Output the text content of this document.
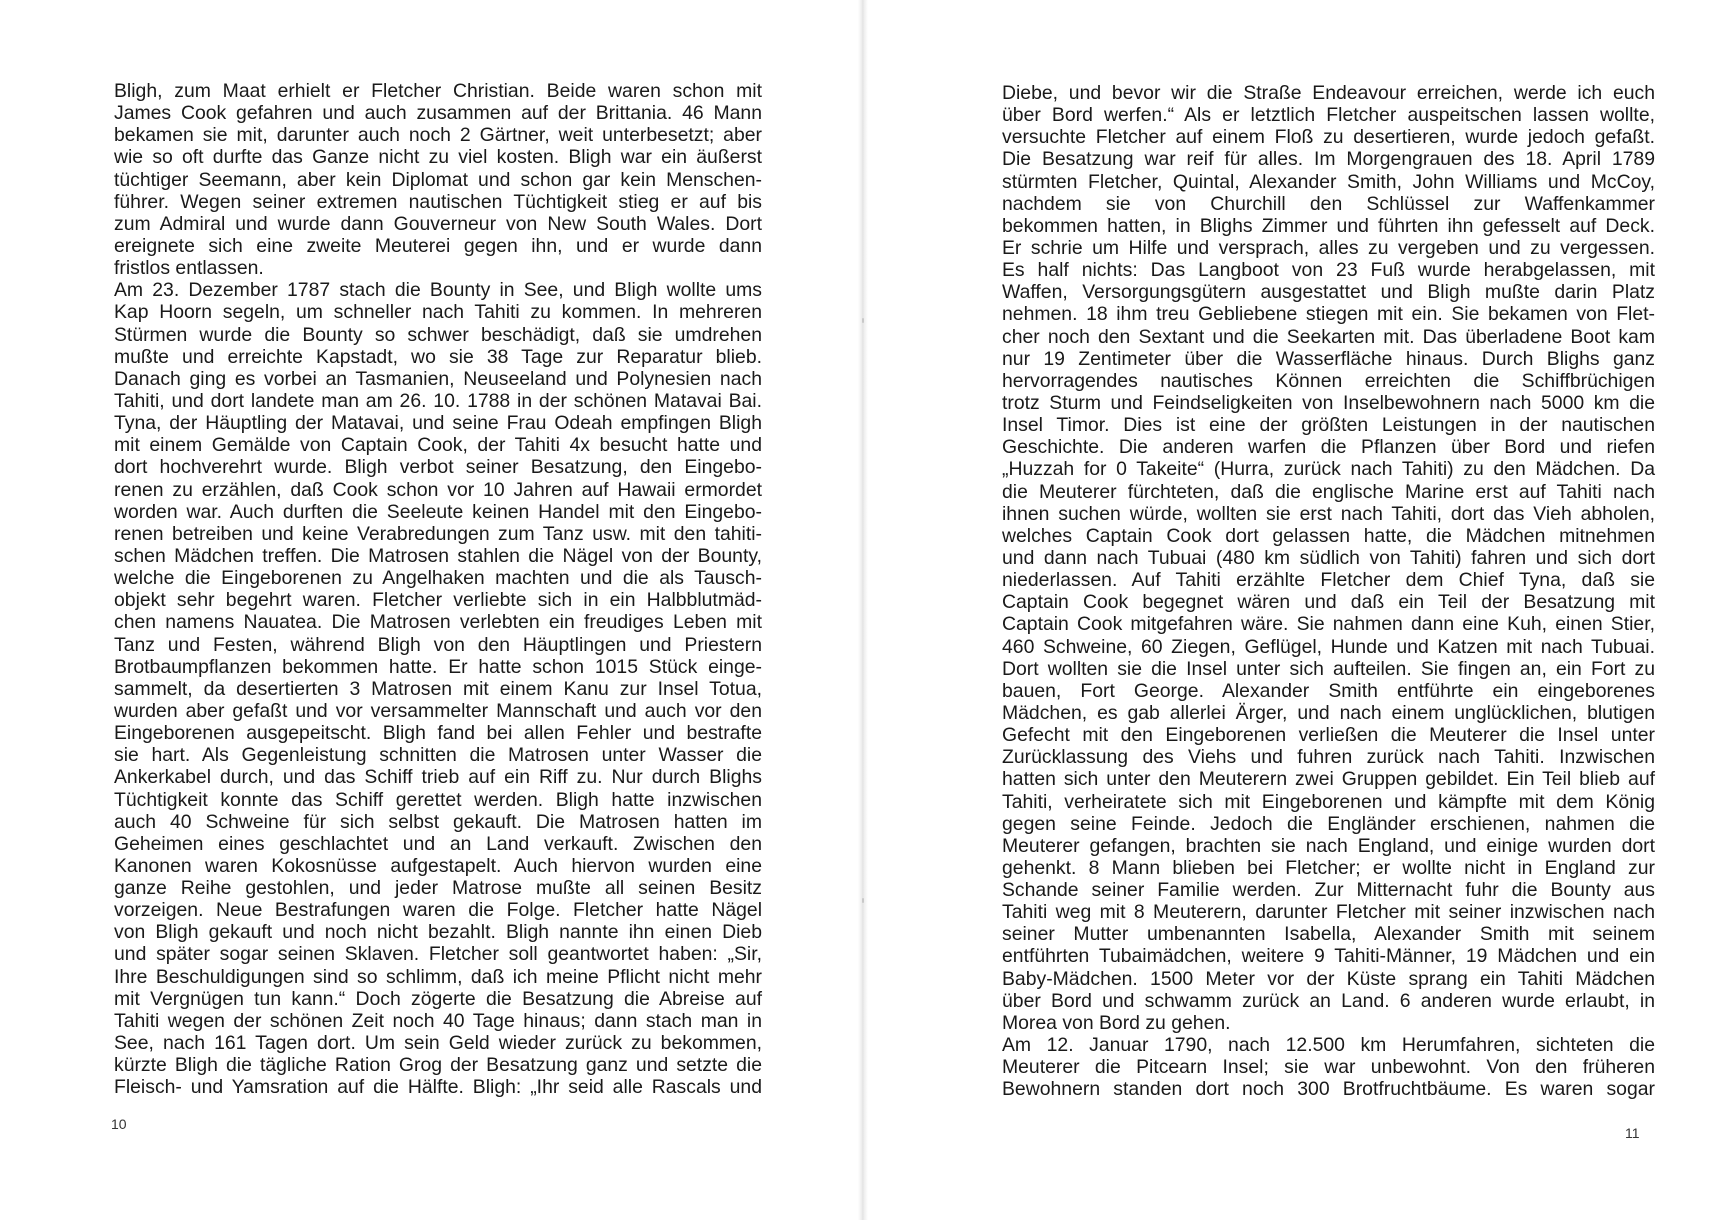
Bligh, zum Maat erhielt er Fletcher Christian. Beide waren schon mit
James Cook gefahren und auch zusammen auf der Brittania. 46 Mann
bekamen sie mit, darunter auch noch 2 Gärtner, weit unterbesetzt; aber
wie so oft durfte das Ganze nicht zu viel kosten. Bligh war ein äußerst
tüchtiger Seemann, aber kein Diplomat und schon gar kein Menschen-
führer. Wegen seiner extremen nautischen Tüchtigkeit stieg er auf bis
zum Admiral und wurde dann Gouverneur von New South Wales. Dort
ereignete sich eine zweite Meuterei gegen ihn, und er wurde dann
fristlos entlassen.
Am 23. Dezember 1787 stach die Bounty in See, und Bligh wollte ums
Kap Hoorn segeln, um schneller nach Tahiti zu kommen. In mehreren
Stürmen wurde die Bounty so schwer beschädigt, daß sie umdrehen
mußte und erreichte Kapstadt, wo sie 38 Tage zur Reparatur blieb.
Danach ging es vorbei an Tasmanien, Neuseeland und Polynesien nach
Tahiti, und dort landete man am 26. 10. 1788 in der schönen Matavai Bai.
Tyna, der Häuptling der Matavai, und seine Frau Odeah empfingen Bligh
mit einem Gemälde von Captain Cook, der Tahiti 4x besucht hatte und
dort hochverehrt wurde. Bligh verbot seiner Besatzung, den Eingebo-
renen zu erzählen, daß Cook schon vor 10 Jahren auf Hawaii ermordet
worden war. Auch durften die Seeleute keinen Handel mit den Eingebo-
renen betreiben und keine Verabredungen zum Tanz usw. mit den tahiti-
schen Mädchen treffen. Die Matrosen stahlen die Nägel von der Bounty,
welche die Eingeborenen zu Angelhaken machten und die als Tausch-
objekt sehr begehrt waren. Fletcher verliebte sich in ein Halbblutmäd-
chen namens Nauatea. Die Matrosen verlebten ein freudiges Leben mit
Tanz und Festen, während Bligh von den Häuptlingen und Priestern
Brotbaumpflanzen bekommen hatte. Er hatte schon 1015 Stück einge-
sammelt, da desertierten 3 Matrosen mit einem Kanu zur Insel Totua,
wurden aber gefaßt und vor versammelter Mannschaft und auch vor den
Eingeborenen ausgepeitscht. Bligh fand bei allen Fehler und bestrafte
sie hart. Als Gegenleistung schnitten die Matrosen unter Wasser die
Ankerkabel durch, und das Schiff trieb auf ein Riff zu. Nur durch Blighs
Tüchtigkeit konnte das Schiff gerettet werden. Bligh hatte inzwischen
auch 40 Schweine für sich selbst gekauft. Die Matrosen hatten im
Geheimen eines geschlachtet und an Land verkauft. Zwischen den
Kanonen waren Kokosnüsse aufgestapelt. Auch hiervon wurden eine
ganze Reihe gestohlen, und jeder Matrose mußte all seinen Besitz
vorzeigen. Neue Bestrafungen waren die Folge. Fletcher hatte Nägel
von Bligh gekauft und noch nicht bezahlt. Bligh nannte ihn einen Dieb
und später sogar seinen Sklaven. Fletcher soll geantwortet haben: „Sir,
Ihre Beschuldigungen sind so schlimm, daß ich meine Pflicht nicht mehr
mit Vergnügen tun kann.“ Doch zögerte die Besatzung die Abreise auf
Tahiti wegen der schönen Zeit noch 40 Tage hinaus; dann stach man in
See, nach 161 Tagen dort. Um sein Geld wieder zurück zu bekommen,
kürzte Bligh die tägliche Ration Grog der Besatzung ganz und setzte die
Fleisch- und Yamsration auf die Hälfte. Bligh: „Ihr seid alle Rascals und
10
Diebe, und bevor wir die Straße Endeavour erreichen, werde ich euch
über Bord werfen.“ Als er letztlich Fletcher auspeitschen lassen wollte,
versuchte Fletcher auf einem Floß zu desertieren, wurde jedoch gefaßt.
Die Besatzung war reif für alles. Im Morgengrauen des 18. April 1789
stürmten Fletcher, Quintal, Alexander Smith, John Williams und McCoy,
nachdem sie von Churchill den Schlüssel zur Waffenkammer
bekommen hatten, in Blighs Zimmer und führten ihn gefesselt auf Deck.
Er schrie um Hilfe und versprach, alles zu vergeben und zu vergessen.
Es half nichts: Das Langboot von 23 Fuß wurde herabgelassen, mit
Waffen, Versorgungsgütern ausgestattet und Bligh mußte darin Platz
nehmen. 18 ihm treu Gebliebene stiegen mit ein. Sie bekamen von Flet-
cher noch den Sextant und die Seekarten mit. Das überladene Boot kam
nur 19 Zentimeter über die Wasserfläche hinaus. Durch Blighs ganz
hervorragendes nautisches Können erreichten die Schiffbrüchigen
trotz Sturm und Feindseligkeiten von Inselbewohnern nach 5000 km die
Insel Timor. Dies ist eine der größten Leistungen in der nautischen
Geschichte. Die anderen warfen die Pflanzen über Bord und riefen
„Huzzah for 0 Takeite“ (Hurra, zurück nach Tahiti) zu den Mädchen. Da
die Meuterer fürchteten, daß die englische Marine erst auf Tahiti nach
ihnen suchen würde, wollten sie erst nach Tahiti, dort das Vieh abholen,
welches Captain Cook dort gelassen hatte, die Mädchen mitnehmen
und dann nach Tubuai (480 km südlich von Tahiti) fahren und sich dort
niederlassen. Auf Tahiti erzählte Fletcher dem Chief Tyna, daß sie
Captain Cook begegnet wären und daß ein Teil der Besatzung mit
Captain Cook mitgefahren wäre. Sie nahmen dann eine Kuh, einen Stier,
460 Schweine, 60 Ziegen, Geflügel, Hunde und Katzen mit nach Tubuai.
Dort wollten sie die Insel unter sich aufteilen. Sie fingen an, ein Fort zu
bauen, Fort George. Alexander Smith entführte ein eingeborenes
Mädchen, es gab allerlei Ärger, und nach einem unglücklichen, blutigen
Gefecht mit den Eingeborenen verließen die Meuterer die Insel unter
Zurücklassung des Viehs und fuhren zurück nach Tahiti. Inzwischen
hatten sich unter den Meuterern zwei Gruppen gebildet. Ein Teil blieb auf
Tahiti, verheiratete sich mit Eingeborenen und kämpfte mit dem König
gegen seine Feinde. Jedoch die Engländer erschienen, nahmen die
Meuterer gefangen, brachten sie nach England, und einige wurden dort
gehenkt. 8 Mann blieben bei Fletcher; er wollte nicht in England zur
Schande seiner Familie werden. Zur Mitternacht fuhr die Bounty aus
Tahiti weg mit 8 Meuterern, darunter Fletcher mit seiner inzwischen nach
seiner Mutter umbenannten Isabella, Alexander Smith mit seinem
entführten Tubaimädchen, weitere 9 Tahiti-Männer, 19 Mädchen und ein
Baby-Mädchen. 1500 Meter vor der Küste sprang ein Tahiti Mädchen
über Bord und schwamm zurück an Land. 6 anderen wurde erlaubt, in
Morea von Bord zu gehen.
Am 12. Januar 1790, nach 12.500 km Herumfahren, sichteten die
Meuterer die Pitcearn Insel; sie war unbewohnt. Von den früheren
Bewohnern standen dort noch 300 Brotfruchtbäume. Es waren sogar
11
